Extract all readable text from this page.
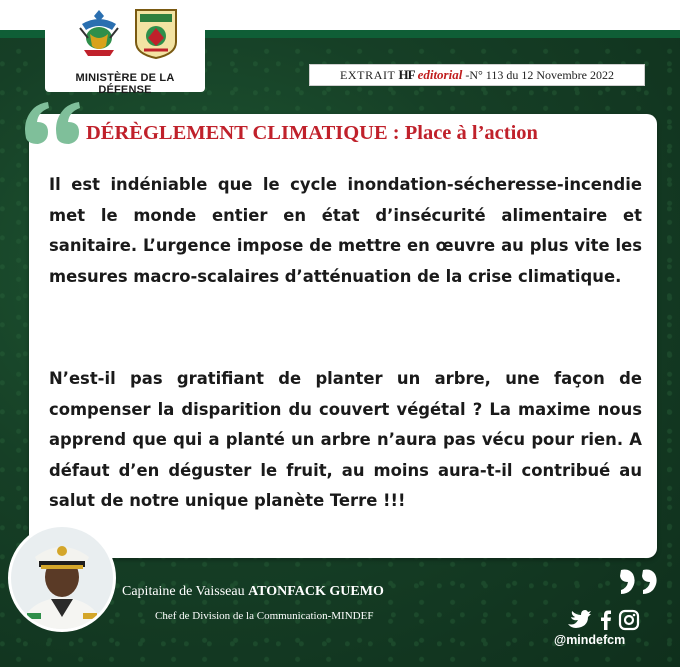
MINISTÈRE DE LA DÉFENSE
EXTRAIT HF editorial -N° 113 du 12 Novembre 2022
DÉRÈGLEMENT CLIMATIQUE : Place à l’action
Il est indéniable que le cycle inondation-sécheresse-incendie met le monde entier en état d’insécurité alimentaire et sanitaire. L’urgence impose de mettre en œuvre au plus vite les mesures macro-scalaires d’atténuation de la crise climatique.
N’est-il pas gratifiant de planter un arbre, une façon de compenser la disparition du couvert végétal ? La maxime nous apprend que qui a planté un arbre n’aura pas vécu pour rien. A défaut d’en déguster le fruit, au moins aura-t-il contribué au salut de notre unique planète Terre !!!
Capitaine de Vaisseau ATONFACK GUEMO
Chef de Division de la Communication-MINDEF
@mindefcm
